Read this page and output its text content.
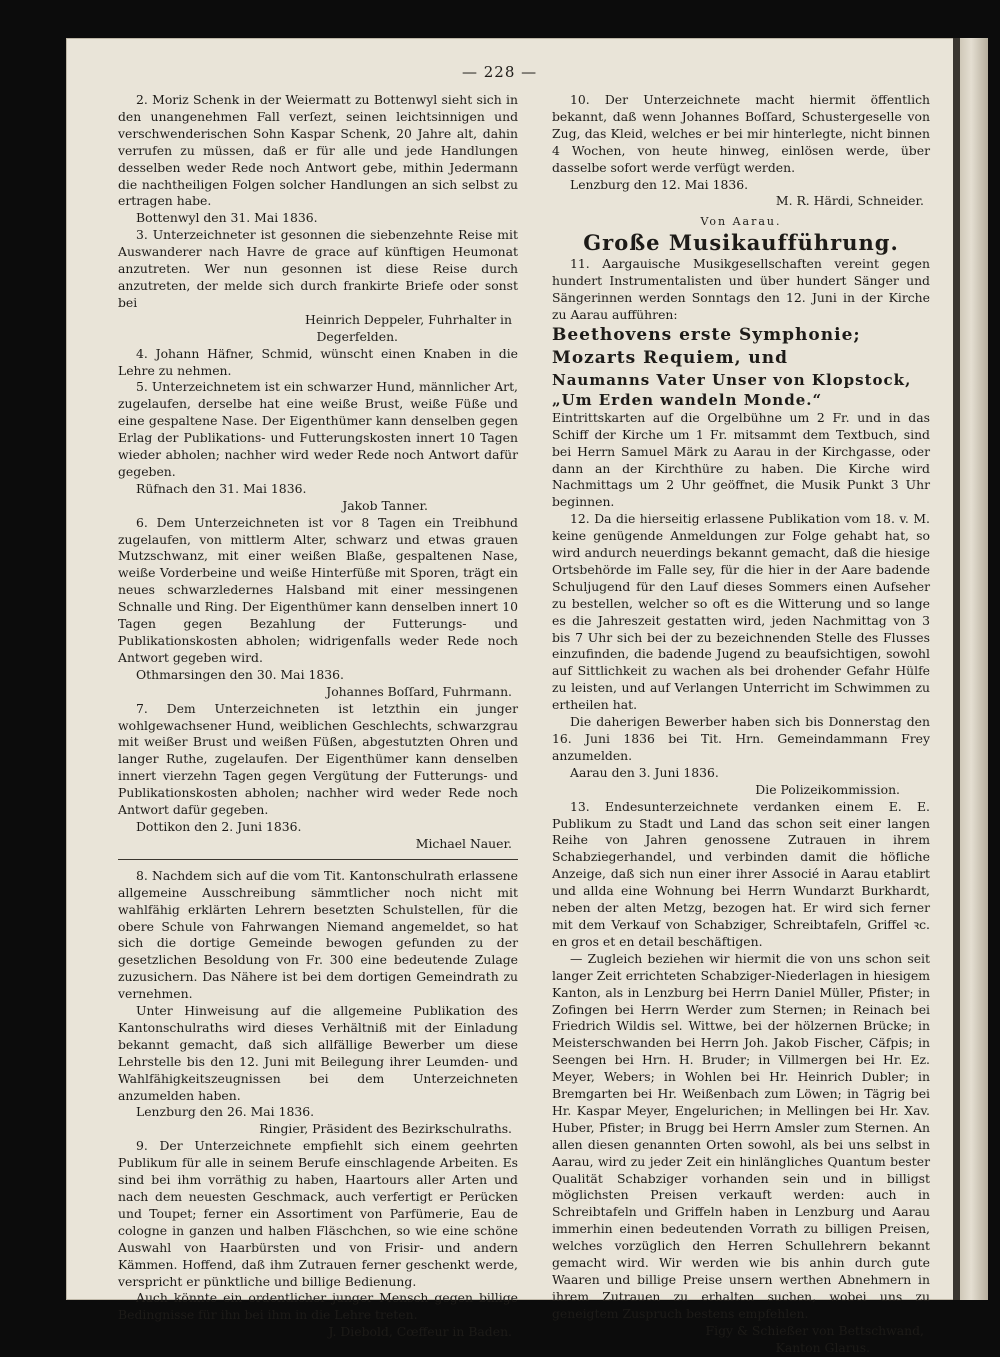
— 228 —

2. Moriz Schenk in der Weiermatt zu Bottenwyl sieht sich in den unangenehmen Fall verſezt, seinen leichtsinnigen und verschwenderischen Sohn Kaspar Schenk, 20 Jahre alt, dahin verrufen zu müssen, daß er für alle und jede Handlungen desselben weder Rede noch Antwort gebe, mithin Jedermann die nachtheiligen Folgen solcher Handlungen an sich selbst zu ertragen habe.

Bottenwyl den 31. Mai 1836.

3. Unterzeichneter ist gesonnen die siebenzehnte Reise mit Auswanderer nach Havre de grace auf künftigen Heumonat anzutreten. Wer nun gesonnen ist diese Reise durch anzutreten, der melde sich durch frankirte Briefe oder sonst bei

Heinrich Deppeler, Fuhrhalter in

Degerfelden.

4. Johann Häfner, Schmid, wünscht einen Knaben in die Lehre zu nehmen.

5. Unterzeichnetem ist ein schwarzer Hund, männlicher Art, zugelaufen, derselbe hat eine weiße Brust, weiße Füße und eine gespaltene Nase. Der Eigenthümer kann denselben gegen Erlag der Publikations- und Futterungskosten innert 10 Tagen wieder abholen; nachher wird weder Rede noch Antwort dafür gegeben.

Rüfnach den 31. Mai 1836.

Jakob Tanner.

6. Dem Unterzeichneten ist vor 8 Tagen ein Treibhund zugelaufen, von mittlerm Alter, schwarz und etwas grauen Mutzschwanz, mit einer weißen Blaße, gespaltenen Nase, weiße Vorderbeine und weiße Hinterfüße mit Sporen, trägt ein neues schwarzledernes Halsband mit einer messingenen Schnalle und Ring. Der Eigenthümer kann denselben innert 10 Tagen gegen Bezahlung der Futterungs- und Publikationskosten abholen; widrigenfalls weder Rede noch Antwort gegeben wird.

Othmarsingen den 30. Mai 1836.

Johannes Boſſard, Fuhrmann.

7. Dem Unterzeichneten ist letzthin ein junger wohlgewachsener Hund, weiblichen Geschlechts, schwarzgrau mit weißer Brust und weißen Füßen, abgestutzten Ohren und langer Ruthe, zugelaufen. Der Eigenthümer kann denselben innert vierzehn Tagen gegen Vergütung der Futterungs- und Publikationskosten abholen; nachher wird weder Rede noch Antwort dafür gegeben.

Dottikon den 2. Juni 1836.

Michael Nauer.

8. Nachdem sich auf die vom Tit. Kantonschulrath erlassene allgemeine Ausschreibung sämmtlicher noch nicht mit wahlfähig erklärten Lehrern besetzten Schulstellen, für die obere Schule von Fahrwangen Niemand angemeldet, so hat sich die dortige Gemeinde bewogen gefunden zu der gesetzlichen Besoldung von Fr. 300 eine bedeutende Zulage zuzusichern. Das Nähere ist bei dem dortigen Gemeindrath zu vernehmen.

Unter Hinweisung auf die allgemeine Publikation des Kantonschulraths wird dieses Verhältniß mit der Einladung bekannt gemacht, daß sich allfällige Bewerber um diese Lehrstelle bis den 12. Juni mit Beilegung ihrer Leumden- und Wahlfähigkeitszeugnissen bei dem Unterzeichneten anzumelden haben.

Lenzburg den 26. Mai 1836.

Ringier, Präsident des Bezirkschulraths.

9. Der Unterzeichnete empfiehlt sich einem geehrten Publikum für alle in seinem Berufe einschlagende Arbeiten. Es sind bei ihm vorräthig zu haben, Haartours aller Arten und nach dem neuesten Geschmack, auch verfertigt er Perücken und Toupet; ferner ein Assortiment von Parfümerie, Eau de cologne in ganzen und halben Fläschchen, so wie eine schöne Auswahl von Haarbürsten und von Frisir- und andern Kämmen. Hoffend, daß ihm Zutrauen ferner geschenkt werde, verspricht er pünktliche und billige Bedienung.

Auch könnte ein ordentlicher junger Mensch gegen billige Bedingnisse für ihn bei ihm in die Lehre treten.

J. Diebold, Cœffeur in Baden.

10. Der Unterzeichnete macht hiermit öffentlich bekannt, daß wenn Johannes Boſſard, Schustergeselle von Zug, das Kleid, welches er bei mir hinterlegte, nicht binnen 4 Wochen, von heute hinweg, einlösen werde, über dasselbe sofort werde verfügt werden.

Lenzburg den 12. Mai 1836.

M. R. Härdi, Schneider.

Von Aarau.
Große Musikaufführung.

11. Aargauische Musikgesellschaften vereint gegen hundert Instrumentalisten und über hundert Sänger und Sängerinnen werden Sonntags den 12. Juni in der Kirche zu Aarau aufführen:

Beethovens erste Symphonie;

Mozarts Requiem, und

Naumanns Vater Unser von Klopstock, „Um Erden wandeln Monde.“

Eintrittskarten auf die Orgelbühne um 2 Fr. und in das Schiff der Kirche um 1 Fr. mitsammt dem Textbuch, sind bei Herrn Samuel Märk zu Aarau in der Kirchgasse, oder dann an der Kirchthüre zu haben. Die Kirche wird Nachmittags um 2 Uhr geöffnet, die Musik Punkt 3 Uhr beginnen.

12. Da die hierseitig erlassene Publikation vom 18. v. M. keine genügende Anmeldungen zur Folge gehabt hat, so wird andurch neuerdings bekannt gemacht, daß die hiesige Ortsbehörde im Falle sey, für die hier in der Aare badende Schuljugend für den Lauf dieses Sommers einen Aufseher zu bestellen, welcher so oft es die Witterung und so lange es die Jahreszeit gestatten wird, jeden Nachmittag von 3 bis 7 Uhr sich bei der zu bezeichnenden Stelle des Flusses einzufinden, die badende Jugend zu beaufsichtigen, sowohl auf Sittlichkeit zu wachen als bei drohender Gefahr Hülfe zu leisten, und auf Verlangen Unterricht im Schwimmen zu ertheilen hat.

Die daherigen Bewerber haben sich bis Donnerstag den 16. Juni 1836 bei Tit. Hrn. Gemeindammann Frey anzumelden.

Aarau den 3. Juni 1836.

Die Polizeikommission.

13. Endesunterzeichnete verdanken einem E. E. Publikum zu Stadt und Land das schon seit einer langen Reihe von Jahren genossene Zutrauen in ihrem Schabziegerhandel, und verbinden damit die höfliche Anzeige, daß sich nun einer ihrer Associé in Aarau etablirt und allda eine Wohnung bei Herrn Wundarzt Burkhardt, neben der alten Metzg, bezogen hat. Er wird sich ferner mit dem Verkauf von Schabziger, Schreibtafeln, Griffel ꝛc. en gros et en detail beschäftigen.

— Zugleich beziehen wir hiermit die von uns schon seit langer Zeit errichteten Schabziger-Niederlagen in hiesigem Kanton, als in Lenzburg bei Herrn Daniel Müller, Pfister; in Zofingen bei Herrn Werder zum Sternen; in Reinach bei Friedrich Wildis sel. Wittwe, bei der hölzernen Brücke; in Meisterschwanden bei Herrn Joh. Jakob Fischer, Cäfpis; in Seengen bei Hrn. H. Bruder; in Villmergen bei Hr. Ez. Meyer, Webers; in Wohlen bei Hr. Heinrich Dubler; in Bremgarten bei Hr. Weißenbach zum Löwen; in Tägrig bei Hr. Kaspar Meyer, Engelurichen; in Mellingen bei Hr. Xav. Huber, Pfister; in Brugg bei Herrn Amsler zum Sternen. An allen diesen genannten Orten sowohl, als bei uns selbst in Aarau, wird zu jeder Zeit ein hinlängliches Quantum bester Qualität Schabziger vorhanden sein und in billigst möglichsten Preisen verkauft werden: auch in Schreibtafeln und Griffeln haben in Lenzburg und Aarau immerhin einen bedeutenden Vorrath zu billigen Preisen, welches vorzüglich den Herren Schullehrern bekannt gemacht wird. Wir werden wie bis anhin durch gute Waaren und billige Preise unsern werthen Abnehmern in ihrem Zutrauen zu erhalten suchen, wobei uns zu geneigtem Zuspruch bestens empfehlen.

Figy & Schießer von Bettschwand,

Kanton Glarus.
